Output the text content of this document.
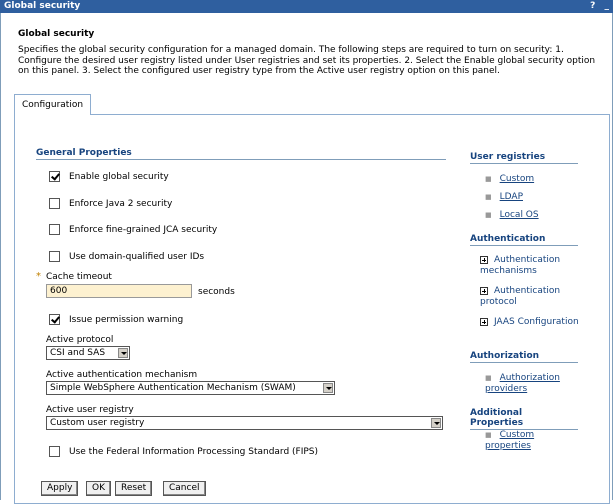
Global security	? _
Global security
Specifies the global security configuration for a managed domain. The following steps are required to turn on security: 1. Configure the desired user registry listed under User registries and set its properties. 2. Select the Enable global security option on this panel. 3. Select the configured user registry type from the Active user registry option on this panel.
Configuration
General Properties
Enable global security
Enforce Java 2 security
Enforce fine-grained JCA security
Use domain-qualified user IDs
* Cache timeout
600	seconds
Issue permission warning
Active protocol
CSI and SAS
Active authentication mechanism
Simple WebSphere Authentication Mechanism (SWAM)
Active user registry
Custom user registry
Use the Federal Information Processing Standard (FIPS)
Apply	OK	Reset	Cancel
User registries
■ Custom
■ LDAP
■ Local OS
Authentication
Authentication mechanisms
Authentication protocol
JAAS Configuration
Authorization
■ Authorization providers
Additional Properties
■ Custom properties
